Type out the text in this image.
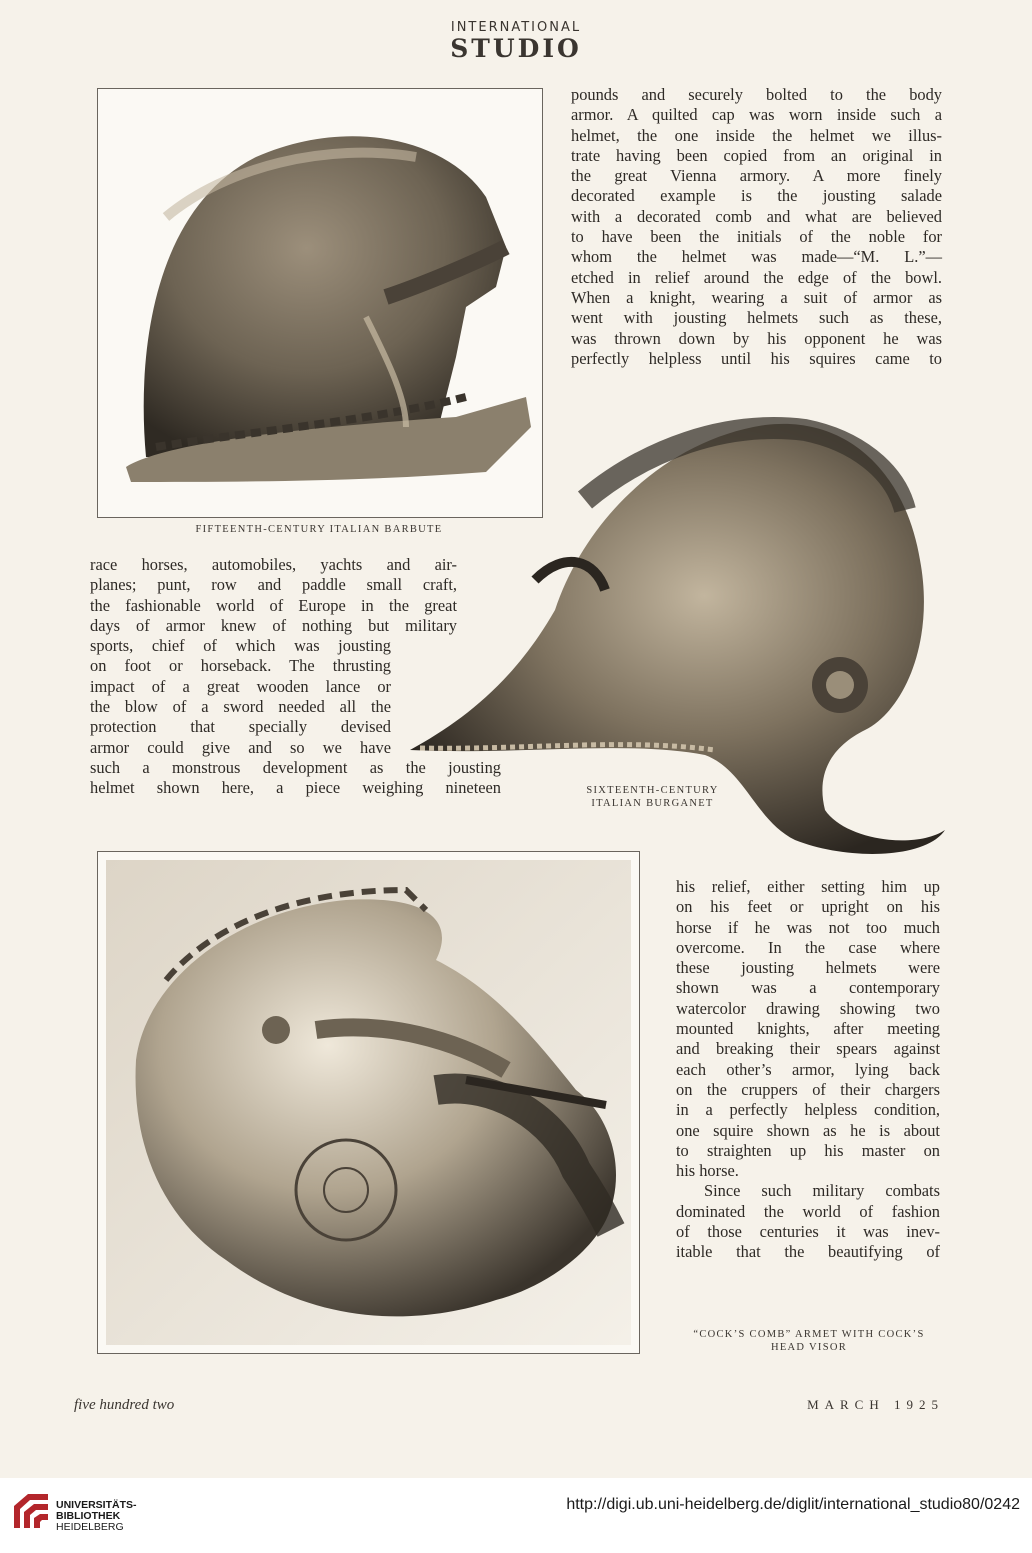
INTERNATIONAL
STUDIO
FIFTEENTH-CENTURY ITALIAN BARBUTE
pounds and securely bolted to the body
armor. A quilted cap was worn inside such a
helmet, the one inside the helmet we illus-
trate having been copied from an original in
the great Vienna armory. A more finely
decorated example is the jousting salade
with a decorated comb and what are believed
to have been the initials of the noble for
whom the helmet was made—“M. L.”—
etched in relief around the edge of the bowl.
When a knight, wearing a suit of armor as
went with jousting helmets such as these,
was thrown down by his opponent he was
perfectly helpless until his squires came to
race horses, automobiles, yachts and air-
planes; punt, row and paddle small craft,
the fashionable world of Europe in the great
days of armor knew of nothing but military
sports, chief of which was jousting
on foot or horseback. The thrusting
impact of a great wooden lance or
the blow of a sword needed all the
protection that specially devised
armor could give and so we have
such a monstrous development as the jousting
helmet shown here, a piece weighing nineteen	SIXTEENTH-CENTURY
ITALIAN BURGANET
his relief, either setting him up
on his feet or upright on his
horse if he was not too much
overcome. In the case where
these jousting helmets were
shown was a contemporary
watercolor drawing showing two
mounted knights, after meeting
and breaking their spears against
each other’s armor, lying back
on the cruppers of their chargers
in a perfectly helpless condition,
one squire shown as he is about
to straighten up his master on
his horse.
Since such military combats
dominated the world of fashion
of those centuries it was inev-
itable that the beautifying of
“COCK’S COMB” ARMET WITH COCK’S
HEAD VISOR
five hundred two	MARCH 1925
UNIVERSITÄTS-
BIBLIOTHEK
HEIDELBERG
http://digi.ub.uni-heidelberg.de/diglit/international_studio80/0242
